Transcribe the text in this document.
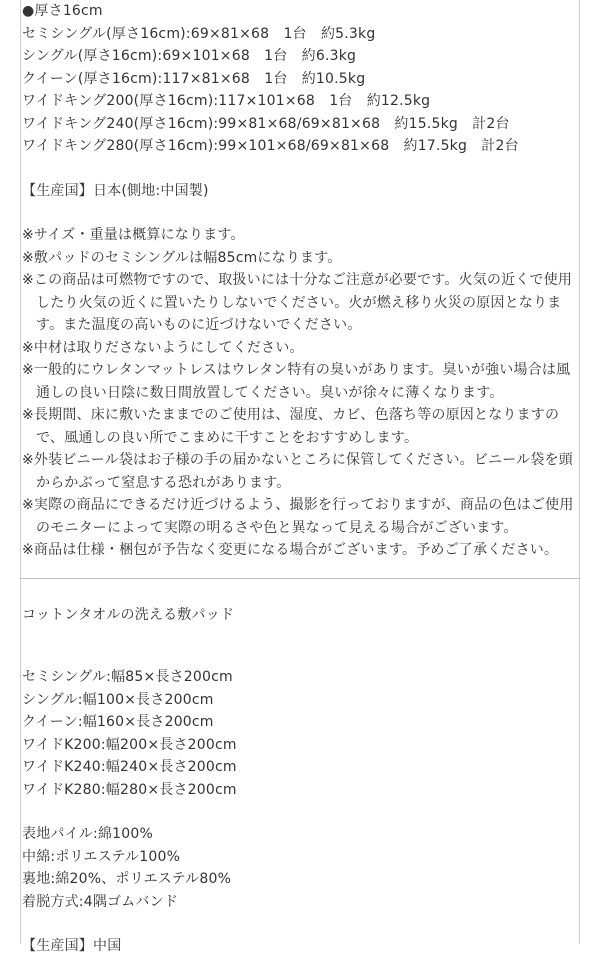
●厚さ16cm
セミシングル(厚さ16cm):69×81×68　1台　約5.3kg
シングル(厚さ16cm):69×101×68　1台　約6.3kg
クイーン(厚さ16cm):117×81×68　1台　約10.5kg
ワイドキング200(厚さ16cm):117×101×68　1台　約12.5kg
ワイドキング240(厚さ16cm):99×81×68/69×81×68　約15.5kg　計2台
ワイドキング280(厚さ16cm):99×101×68/69×81×68　約17.5kg　計2台
【生産国】日本(側地:中国製)
※サイズ・重量は概算になります。
※敷パッドのセミシングルは幅85cmになります。
※この商品は可燃物ですので、取扱いには十分なご注意が必要です。火気の近くで使用したり火気の近くに置いたりしないでください。火が燃え移り火災の原因となります。また温度の高いものに近づけないでください。
※中材は取りださないようにしてください。
※一般的にウレタンマットレスはウレタン特有の臭いがあります。臭いが強い場合は風通しの良い日陰に数日間放置してください。臭いが徐々に薄くなります。
※長期間、床に敷いたままでのご使用は、湿度、カビ、色落ち等の原因となりますので、風通しの良い所でこまめに干すことをおすすめします。
※外装ビニール袋はお子様の手の届かないところに保管してください。ビニール袋を頭からかぶって窒息する恐れがあります。
※実際の商品にできるだけ近づけるよう、撮影を行っておりますが、商品の色はご使用のモニターによって実際の明るさや色と異なって見える場合がございます。
※商品は仕様・梱包が予告なく変更になる場合がございます。予めご了承ください。
コットンタオルの洗える敷パッド
セミシングル:幅85×長さ200cm
シングル:幅100×長さ200cm
クイーン:幅160×長さ200cm
ワイドK200:幅200×長さ200cm
ワイドK240:幅240×長さ200cm
ワイドK280:幅280×長さ200cm
表地パイル:綿100%
中綿:ポリエステル100%
裏地:綿20%、ポリエステル80%
着脱方式:4隅ゴムバンド
【生産国】中国
